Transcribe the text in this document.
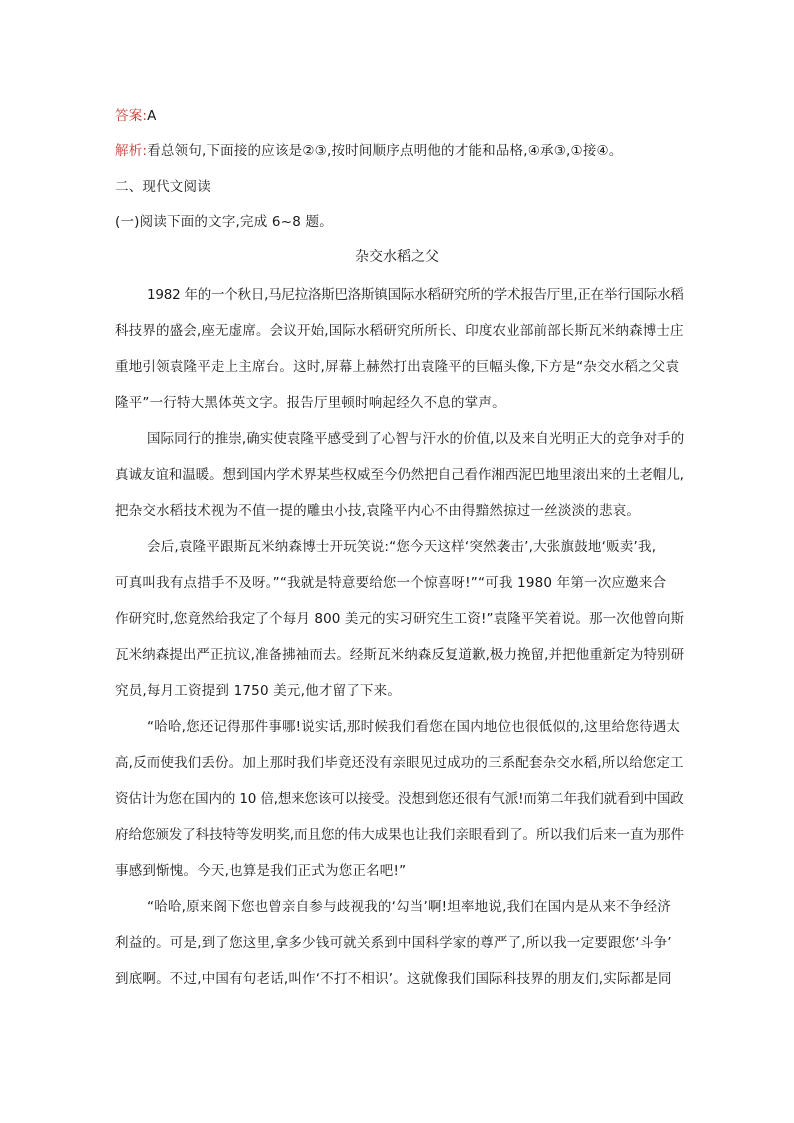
答案:A
解析:看总领句,下面接的应该是②③,按时间顺序点明他的才能和品格,④承③,①接④。
二、现代文阅读
(一)阅读下面的文字,完成 6~8 题。
杂交水稻之父
1982 年的一个秋日,马尼拉洛斯巴洛斯镇国际水稻研究所的学术报告厅里,正在举行国际水稻
科技界的盛会,座无虚席。会议开始,国际水稻研究所所长、印度农业部前部长斯瓦米纳森博士庄
重地引领袁隆平走上主席台。这时,屏幕上赫然打出袁隆平的巨幅头像,下方是“杂交水稻之父袁
隆平”一行特大黑体英文字。报告厅里顿时响起经久不息的掌声。
国际同行的推崇,确实使袁隆平感受到了心智与汗水的价值,以及来自光明正大的竞争对手的
真诚友谊和温暖。想到国内学术界某些权威至今仍然把自己看作湘西泥巴地里滚出来的土老帽儿,
把杂交水稻技术视为不值一提的雕虫小技,袁隆平内心不由得黯然掠过一丝淡淡的悲哀。
会后,袁隆平跟斯瓦米纳森博士开玩笑说:“您今天这样‘突然袭击’,大张旗鼓地‘贩卖’我,
可真叫我有点措手不及呀。”“我就是特意要给您一个惊喜呀!”“可我 1980 年第一次应邀来合
作研究时,您竟然给我定了个每月 800 美元的实习研究生工资!”袁隆平笑着说。那一次他曾向斯
瓦米纳森提出严正抗议,准备拂袖而去。经斯瓦米纳森反复道歉,极力挽留,并把他重新定为特别研
究员,每月工资提到 1750 美元,他才留了下来。
“哈哈,您还记得那件事哪!说实话,那时候我们看您在国内地位也很低似的,这里给您待遇太
高,反而使我们丢份。加上那时我们毕竟还没有亲眼见过成功的三系配套杂交水稻,所以给您定工
资估计为您在国内的 10 倍,想来您该可以接受。没想到您还很有气派!而第二年我们就看到中国政
府给您颁发了科技特等发明奖,而且您的伟大成果也让我们亲眼看到了。所以我们后来一直为那件
事感到惭愧。今天,也算是我们正式为您正名吧!”
“哈哈,原来阁下您也曾亲自参与歧视我的‘勾当’啊!坦率地说,我们在国内是从来不争经济
利益的。可是,到了您这里,拿多少钱可就关系到中国科学家的尊严了,所以我一定要跟您‘斗争’
到底啊。不过,中国有句老话,叫作‘不打不相识’。这就像我们国际科技界的朋友们,实际都是同
